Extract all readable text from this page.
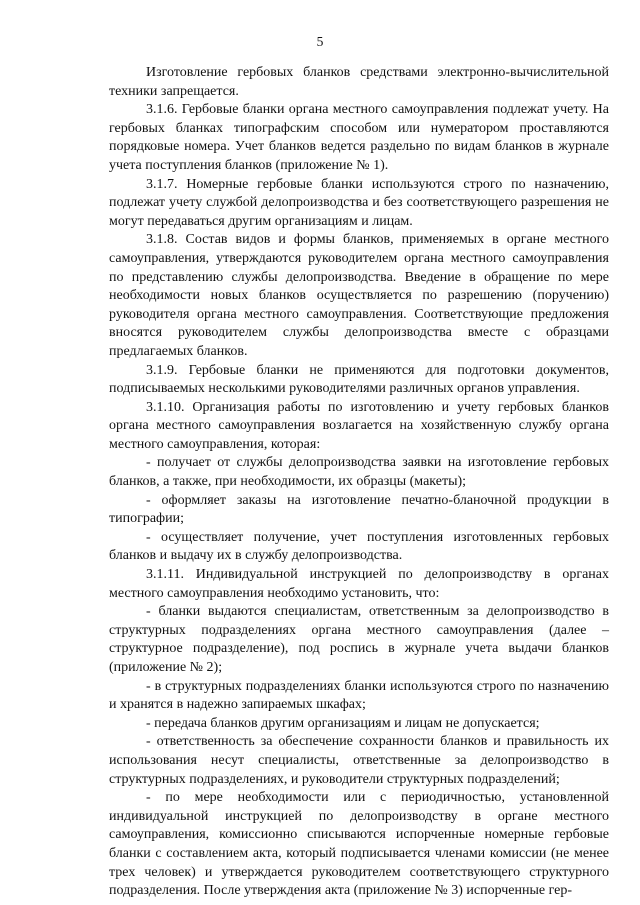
5

Изготовление гербовых бланков средствами электронно-вычислительной техники запрещается.

3.1.6. Гербовые бланки органа местного самоуправления подлежат учету. На гербовых бланках типографским способом или нумератором проставляются порядковые номера. Учет бланков ведется раздельно по видам бланков в журнале учета поступления бланков (приложение № 1).

3.1.7. Номерные гербовые бланки используются строго по назначению, подлежат учету службой делопроизводства и без соответствующего разрешения не могут передаваться другим организациям и лицам.

3.1.8. Состав видов и формы бланков, применяемых в органе местного самоуправления, утверждаются руководителем органа местного самоуправления по представлению службы делопроизводства. Введение в обращение по мере необходимости новых бланков осуществляется по разрешению (поручению) руководителя органа местного самоуправления. Соответствующие предложения вносятся руководителем службы делопроизводства вместе с образцами предлагаемых бланков.

3.1.9. Гербовые бланки не применяются для подготовки документов, подписываемых несколькими руководителями различных органов управления.

3.1.10. Организация работы по изготовлению и учету гербовых бланков органа местного самоуправления возлагается на хозяйственную службу органа местного самоуправления, которая:

- получает от службы делопроизводства заявки на изготовление гербовых бланков, а также, при необходимости, их образцы (макеты);

- оформляет заказы на изготовление печатно-бланочной продукции в типографии;

- осуществляет получение, учет поступления изготовленных гербовых бланков и выдачу их в службу делопроизводства.

3.1.11. Индивидуальной инструкцией по делопроизводству в органах местного самоуправления необходимо установить, что:

- бланки выдаются специалистам, ответственным за делопроизводство в структурных подразделениях органа местного самоуправления (далее – структурное подразделение), под роспись в журнале учета выдачи бланков (приложение № 2);

- в структурных подразделениях бланки используются строго по назначению и хранятся в надежно запираемых шкафах;

- передача бланков другим организациям и лицам не допускается;

- ответственность за обеспечение сохранности бланков и правильность их использования несут специалисты, ответственные за делопроизводство в структурных подразделениях, и руководители структурных подразделений;

- по мере необходимости или с периодичностью, установленной индивидуальной инструкцией по делопроизводству в органе местного самоуправления, комиссионно списываются испорченные номерные гербовые бланки с составлением акта, который подписывается членами комиссии (не менее трех человек) и утверждается руководителем соответствующего структурного подразделения. После утверждения акта (приложение № 3) испорченные гер-
